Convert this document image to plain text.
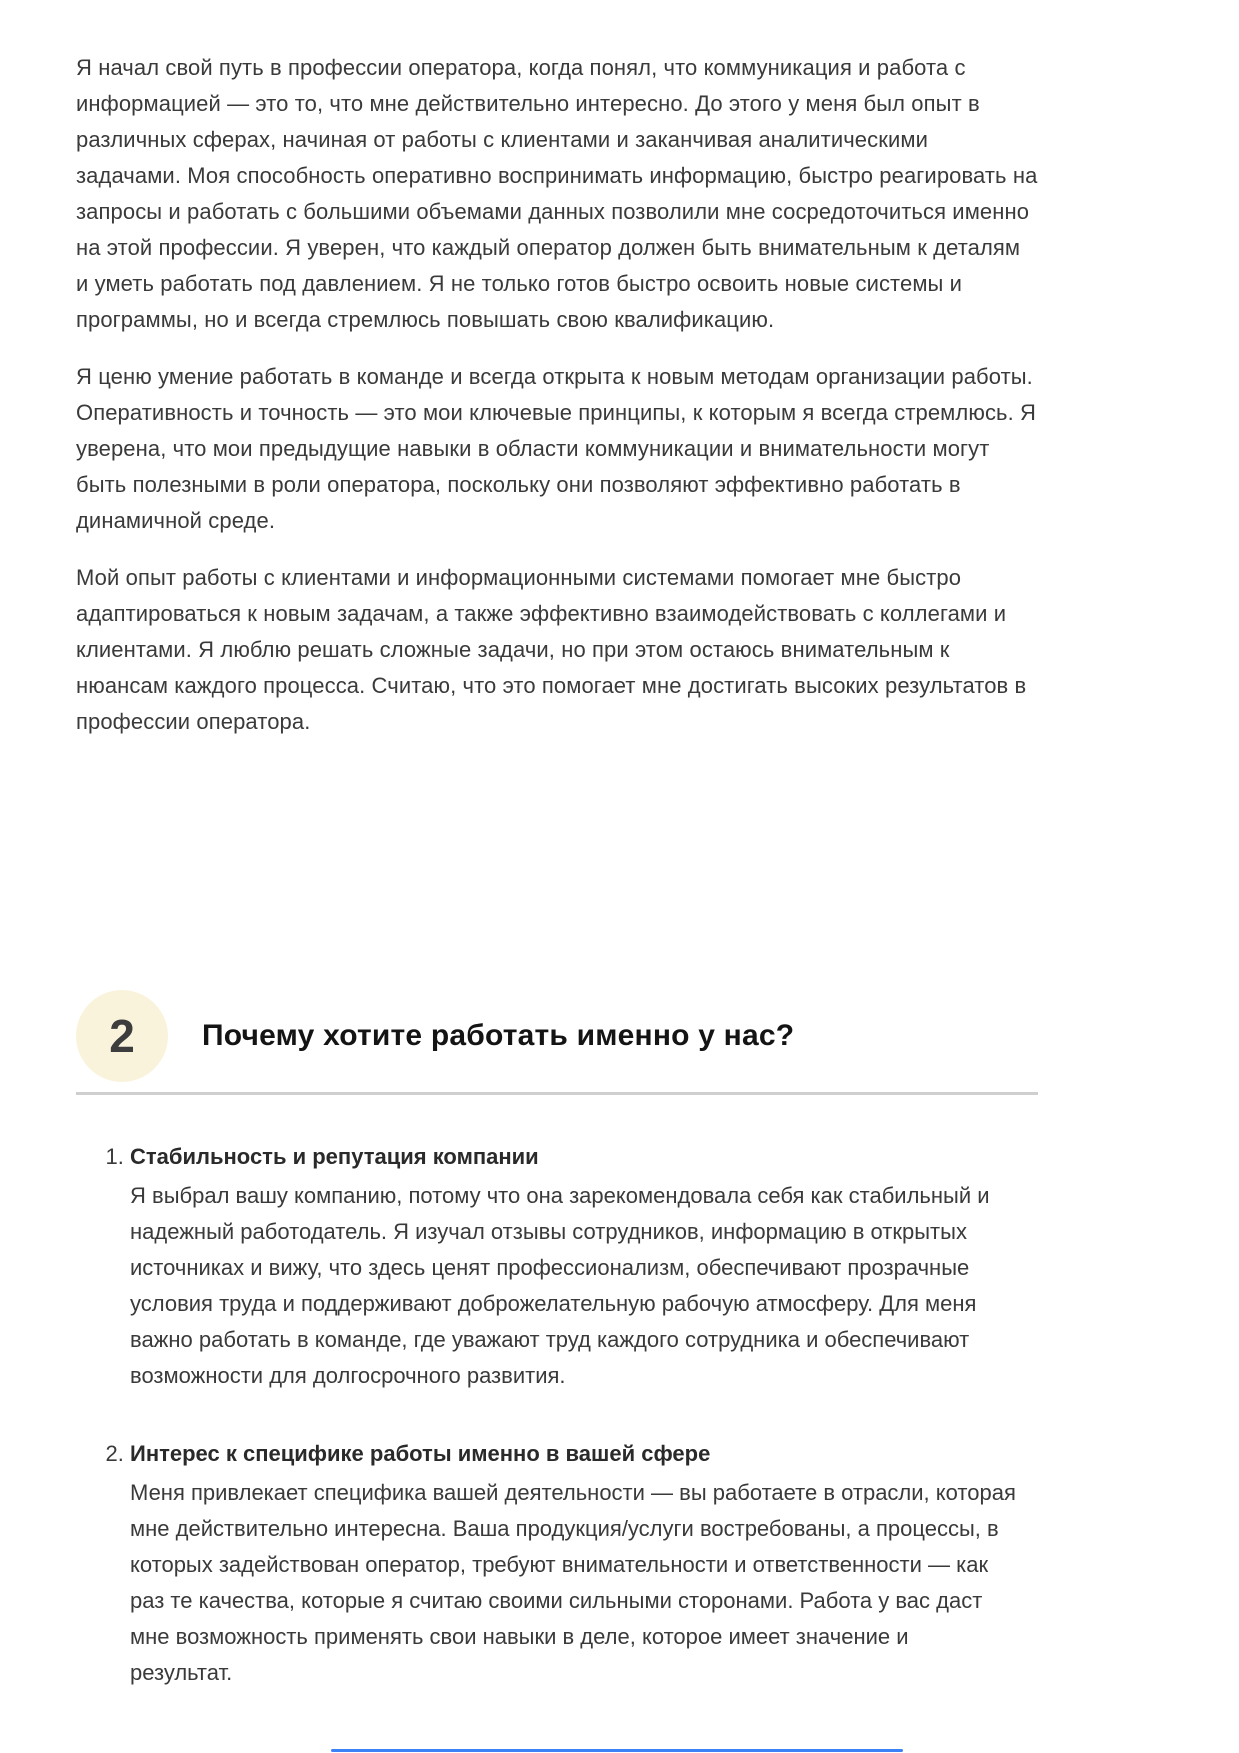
Я начал свой путь в профессии оператора, когда понял, что коммуникация и работа с информацией — это то, что мне действительно интересно. До этого у меня был опыт в различных сферах, начиная от работы с клиентами и заканчивая аналитическими задачами. Моя способность оперативно воспринимать информацию, быстро реагировать на запросы и работать с большими объемами данных позволили мне сосредоточиться именно на этой профессии. Я уверен, что каждый оператор должен быть внимательным к деталям и уметь работать под давлением. Я не только готов быстро освоить новые системы и программы, но и всегда стремлюсь повышать свою квалификацию.

Я ценю умение работать в команде и всегда открыта к новым методам организации работы. Оперативность и точность — это мои ключевые принципы, к которым я всегда стремлюсь. Я уверена, что мои предыдущие навыки в области коммуникации и внимательности могут быть полезными в роли оператора, поскольку они позволяют эффективно работать в динамичной среде.

Мой опыт работы с клиентами и информационными системами помогает мне быстро адаптироваться к новым задачам, а также эффективно взаимодействовать с коллегами и клиентами. Я люблю решать сложные задачи, но при этом остаюсь внимательным к нюансам каждого процесса. Считаю, что это помогает мне достигать высоких результатов в профессии оператора.

2 Почему хотите работать именно у нас?

1. Стабильность и репутация компании

Я выбрал вашу компанию, потому что она зарекомендовала себя как стабильный и надежный работодатель. Я изучал отзывы сотрудников, информацию в открытых источниках и вижу, что здесь ценят профессионализм, обеспечивают прозрачные условия труда и поддерживают доброжелательную рабочую атмосферу. Для меня важно работать в команде, где уважают труд каждого сотрудника и обеспечивают возможности для долгосрочного развития.

2. Интерес к специфике работы именно в вашей сфере

Меня привлекает специфика вашей деятельности — вы работаете в отрасли, которая мне действительно интересна. Ваша продукция/услуги востребованы, а процессы, в которых задействован оператор, требуют внимательности и ответственности — как раз те качества, которые я считаю своими сильными сторонами. Работа у вас даст мне возможность применять свои навыки в деле, которое имеет значение и результат.
